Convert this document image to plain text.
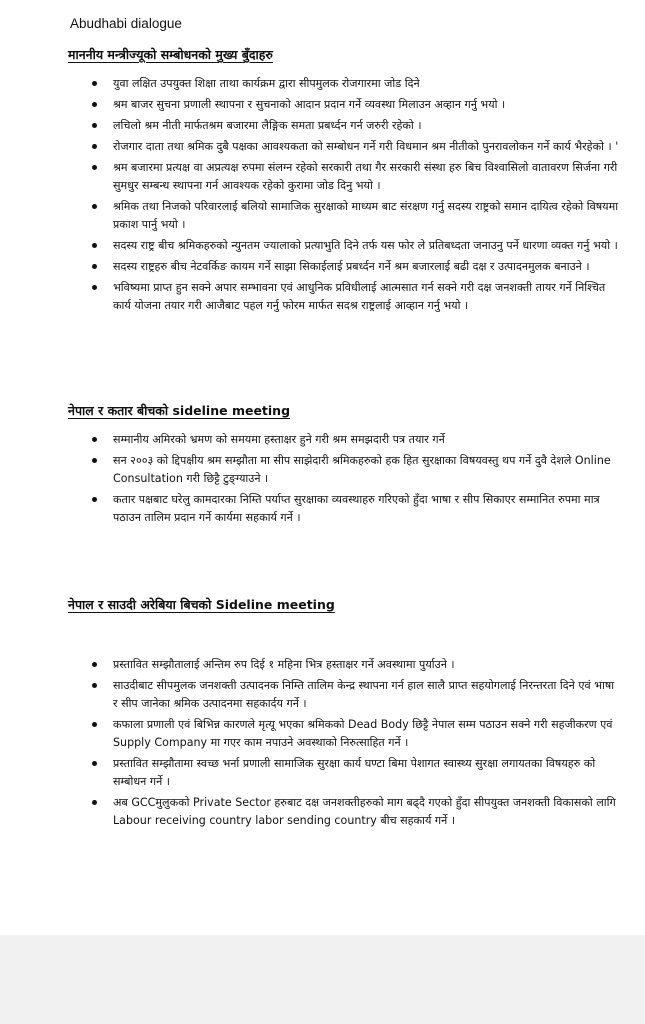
Abudhabi dialogue
माननीय मन्त्रीज्यूको सम्बोधनको मुख्य बुँदाहरु
युवा लक्षित उपयुक्त शिक्षा ताथा कार्यक्रम द्वारा सीपमुलक रोजगारमा जोड दिने
श्रम बाजर सुचना प्रणाली स्थापना र सुचनाको आदान प्रदान गर्ने व्यवस्था मिलाउन अव्हान गर्नु भयो ।
लचिलो श्रम नीती मार्फतश्रम बजारमा लैङ्गिक समता प्रबर्ध्दन गर्न जरुरी रहेको ।
रोजगार दाता तथा श्रमिक दुबै पक्षका आवश्यकता को सम्बोधन गर्ने गरी विधमान श्रम नीतीको पुनरावलोकन गर्ने कार्य भैरहेको । '
श्रम बजारमा प्रत्यक्ष वा अप्रत्यक्ष रुपमा संलग्न रहेको सरकारी तथा गैर सरकारी संस्था हरु बिच विश्वासिलो वातावरण सिर्जना गरी सुमधुर सम्बन्ध स्थापना गर्न आवश्यक रहेको कुरामा जोड दिनु भयो ।
श्रमिक तथा निजको परिवारलाई बलियो सामाजिक सुरक्षाको माध्यम बाट संरक्षण गर्नु सदस्य राष्ट्रको समान दायित्व रहेको विषयमा प्रकाश पार्नु भयो ।
सदस्य राष्ट्र बीच श्रमिकहरुको न्युनतम ज्यालाको प्रत्याभुति दिने तर्फ यस फोर ले प्रतिबध्दता जनाउनु पर्ने धारणा व्यक्त गर्नु भयो ।
सदस्य राष्ट्रहरु बीच नेटवर्किङ कायम गर्ने साझा सिकाईलाई प्रबर्ध्दन गर्ने श्रम बजारलाई बढी दक्ष र उत्पादनमुलक बनाउने ।
भविष्यमा प्राप्त हुन सक्ने अपार सम्भावना एवं आधुनिक प्रविधीलाई आत्मसात गर्न सक्ने गरी दक्ष जनशक्ती तायर गर्ने निश्चित कार्य योजना तयार गरी आजैबाट पहल गर्नु फोरम मार्फत सदश्र राष्ट्रलाई आव्हान गर्नु भयो ।
नेपाल र कतार बीचको sideline meeting
सम्मानीय अमिरको भ्रमण को समयमा हस्ताक्षर हुने गरी श्रम समझदारी पत्र तयार गर्ने
सन २००३ को द्दिपक्षीय श्रम सम्झौता मा सीप साझेदारी श्रमिकहरुको हक हित सुरक्षाका विषयवस्तु थप गर्ने दुवै देशले Online Consultation गरी छिट्टै टुङ्ग्याउने ।
कतार पक्षबाट घरेलु कामदारका निम्ति पर्याप्त सुरक्षाका व्यवस्थाहरु गरिएको हुँदा भाषा र सीप सिकाएर सम्मानित रुपमा मात्र पठाउन तालिम प्रदान गर्ने कार्यमा सहकार्य गर्ने ।
नेपाल र साउदी अरेबिया बिचको Sideline meeting
प्रस्तावित सम्झौतालाई अन्तिम रुप दिई १ महिना भित्र हस्ताक्षर गर्ने अवस्थामा पुर्याउने ।
साउदीबाट सीपमुलक जनशक्ती उत्पादनक निम्ति तालिम केन्द्र स्थापना गर्न हाल सालै प्राप्त सहयोगलाई निरन्तरता दिने एवं भाषा र सीप जानेका श्रमिक उत्पादनमा सहकार्दय गर्ने ।
कफाला प्रणाली एवं बिभिन्न कारणले मृत्यू भएका श्रमिकको Dead Body छिट्टै नेपाल सम्म पठाउन सक्ने गरी सहजीकरण एवं Supply Company मा गएर काम नपाउने अवस्थाको निरुत्साहित गर्ने ।
प्रस्तावित सम्झौतामा स्वच्छ भर्ना प्रणाली सामाजिक सुरक्षा कार्य घण्टा बिमा पेशागत स्वास्थ्य सुरक्षा लगायतका विषयहरु को सम्बोधन गर्ने ।
अब GCCमुलुकको Private Sector हरुबाट दक्ष जनशक्तीहरुको माग बढ्दै गएको हुँदा सीपयुक्त जनशक्ती विकासको लागि Labour receiving country labor sending country बीच सहकार्य गर्ने ।
